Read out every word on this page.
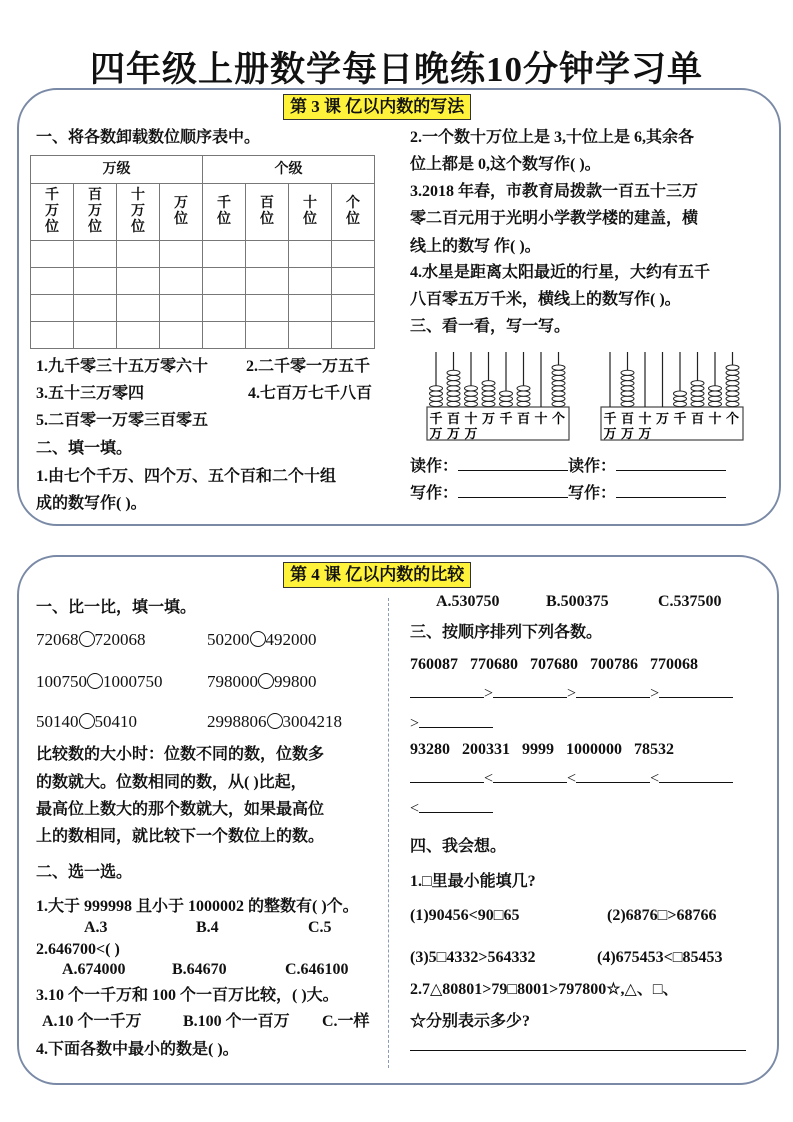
四年级上册数学每日晚练10分钟学习单
第 3 课 亿以内数的写法
一、将各数卸载数位顺序表中。
万级				个级			
千万位	百万位	十万位	万位	千位	百位	十位	个位

1.九千零三十五万零六十 2.二千零一万五千
3.五十三万零四	4.七百万七千八百
5.二百零一万零三百零五
二、填一填。
1.由七个千万、四个万、五个百和二个十组
成的数写作( )。
2.一个数十万位上是 3,十位上是 6,其余各
位上都是 0,这个数写作( )。
3.2018 年春，市教育局拨款一百五十三万
零二百元用于光明小学教学楼的建盖，横
线上的数写 作( )。
4.水星是距离太阳最近的行星，大约有五千
八百零五万千米，横线上的数写作( )。
三、看一看，写一写。
千
万
百
万
十
万
万 千 百 十 个	千
万
百
万
十
万
万 千 百 十 个
读作：	读作：
写作：	写作：
第 4 课 亿以内数的比较
一、比一比，填一填。
72068 720068	50200 492000
100750 1000750	798000 99800
50140 50410	2998806 3004218
比较数的大小时：位数不同的数，位数多
的数就大。位数相同的数，从( )比起，
最高位上数大的那个数就大，如果最高位
上的数相同，就比较下一个数位上的数。
二、选一选。
1.大于 999998 且小于 1000002 的整数有( )个。
A.3	B.4	C.5
2.646700<( )
A.674000	B.64670	C.646100
3.10 个一千万和 100 个一百万比较，( )大。
A.10 个一千万	B.100 个一百万 C.一样
4.下面各数中最小的数是( )。
A.530750	B.500375	C.537500
三、按顺序排列下列各数。
760087   770680   707680   700786   770068
>	>	>
>
93280   200331   9999   1000000   78532
<	<	<
<
四、我会想。
1.□里最小能填几?
(1)90456<90□65	(2)6876□>68766
(3)5□4332>564332	(4)675453<□85453
2.7△80801>79□8001>797800☆,△、□、
☆分别表示多少?
